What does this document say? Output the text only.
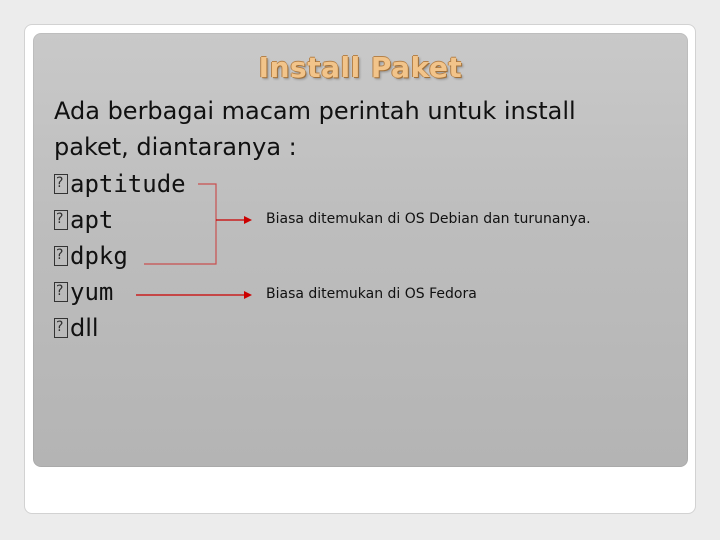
Install Paket
Ada berbagai macam perintah untuk install paket, diantaranya :
?aptitude
?apt
?dpkg
?yum
?dll
Biasa ditemukan di OS Debian dan turunanya.
Biasa ditemukan di OS Fedora
